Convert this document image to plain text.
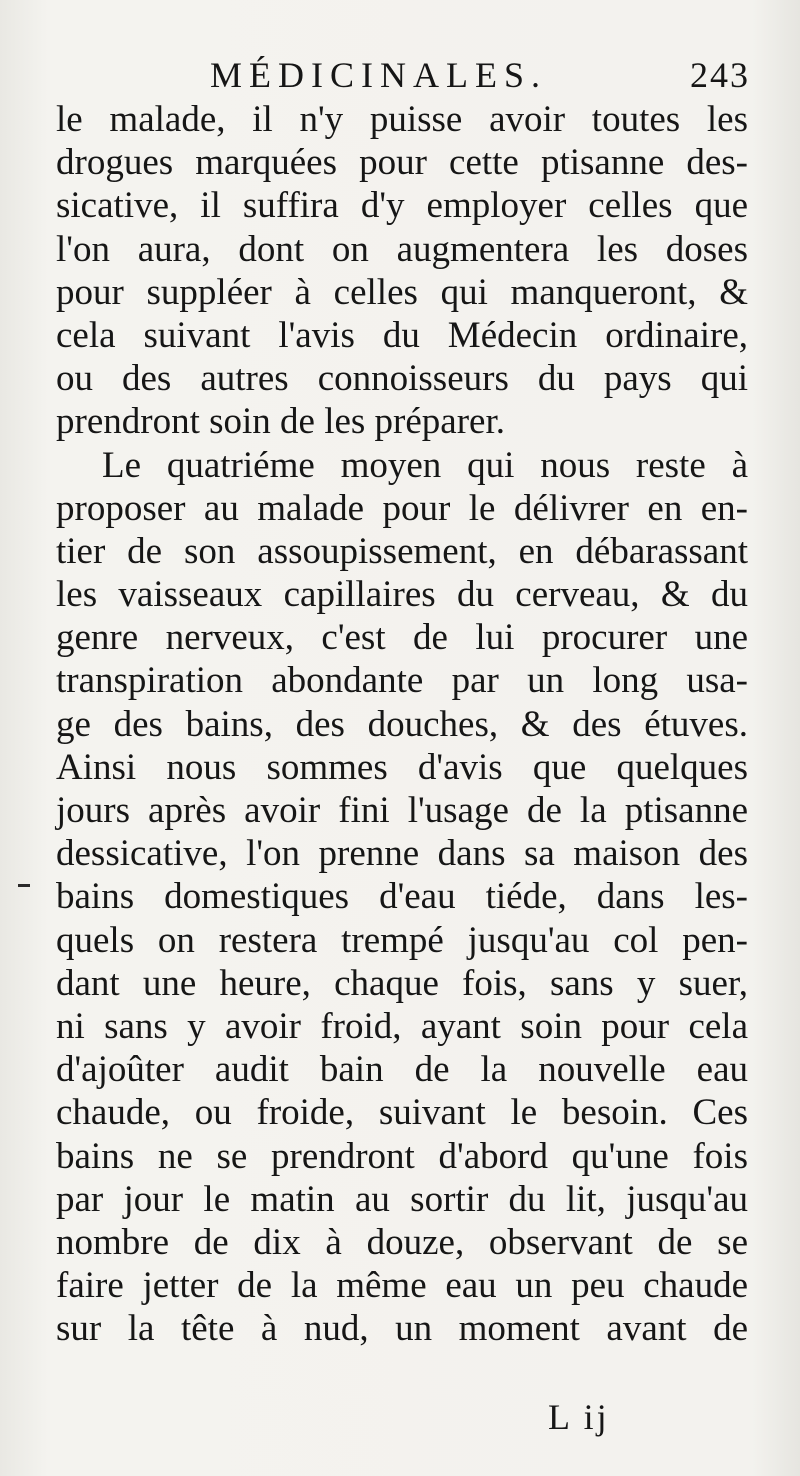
MÉDICINALES.	243
le malade, il n'y puisse avoir toutes les
drogues marquées pour cette ptisanne des-
sicative, il suffira d'y employer celles que
l'on aura, dont on augmentera les doses
pour suppléer à celles qui manqueront, &
cela suivant l'avis du Médecin ordinaire,
ou des autres connoisseurs du pays qui
prendront soin de les préparer.
Le quatriéme moyen qui nous reste à
proposer au malade pour le délivrer en en-
tier de son assoupissement, en débarassant
les vaisseaux capillaires du cerveau, & du
genre nerveux, c'est de lui procurer une
transpiration abondante par un long usa-
ge des bains, des douches, & des étuves.
Ainsi nous sommes d'avis que quelques
jours après avoir fini l'usage de la ptisanne
dessicative, l'on prenne dans sa maison des
bains domestiques d'eau tiéde, dans les-
quels on restera trempé jusqu'au col pen-
dant une heure, chaque fois, sans y suer,
ni sans y avoir froid, ayant soin pour cela
d'ajoûter audit bain de la nouvelle eau
chaude, ou froide, suivant le besoin. Ces
bains ne se prendront d'abord qu'une fois
par jour le matin au sortir du lit, jusqu'au
nombre de dix à douze, observant de se
faire jetter de la même eau un peu chaude
sur la tête à nud, un moment avant de
L ij
